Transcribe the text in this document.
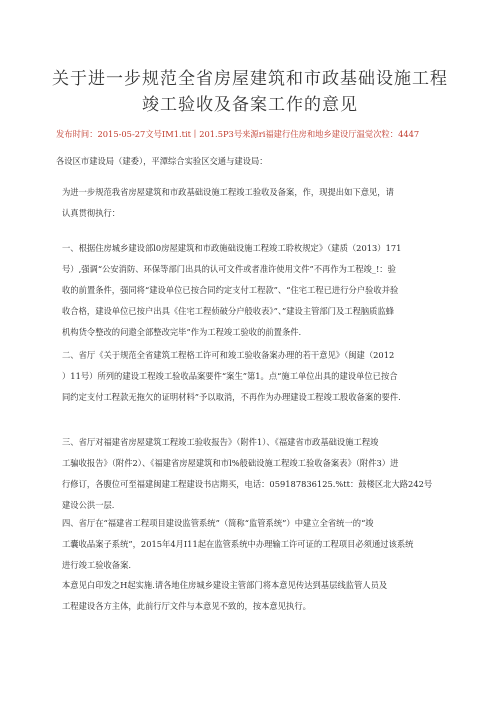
关于进一步规范全省房屋建筑和市政基础设施工程
竣工验收及备案工作的意见
发布时间：2015-05-27文号IM1.tit丨201.5P3号来源ri福建行住房和地乡建设厅温觉次粒：4447
各设区市建设局（建委），平潭综合实验区交通与建设局：
为进一步规范我省房屋建筑和市政基础设施工程竣工验收及备案，作，现提出如下意见，请
认真贯彻执行：
一、根据住房城乡建设部l0房屋建筑和市政施础设施工程竣工聆枚规定》（建质（2013）171
号）,强调“公安消防、环保等部门出具的认可文件或者准许使用文件”不再作为工程竣_!：验
收的前置条件，强同将“建设单位已按合同约定支付工程款”、“住宅工程已进行分户验收并验
收合格，建设单位已按户出具《住宅工程侦破分户般收表》”、”建设主管部门及工程脑质监蜂
机构货令整改的问遨全部整改完毕”作为工程竣工验收的前置条件.
二、省厅《关于规范全省建筑工程格工许可和竣工验收备案办理的若干意见》（闽建（2012
）11号）所列的建设工程竣工验收品案要件“案生”第1。点“施工单位出具的建设单位已按合
同约定支付工程款无拖欠的证明材料”予以取消，不再作为办理建设工程竣工股收备案的要件.
三、省厅对福建省房屋建筑工程竣工验收报告》（附件1）、《福建省市政基础设施工程竣
工骗收报告》（附件2）、《福建省房屋建筑和市l%般础设施工程竣工验收备案表》（附件3）进
行修订，各腹位可至福建闽建工程建设书店期买，电话：059187836125.%tt：鼓楼区北大路242号
建设公洪一层.
四、省厅在“福建省工程项目建设监管系统”（简称“监管系统”）中建立全省统一的“竣
工囊收品案子系统”，2015年4月I11起在监管系统中办理输工许可证的工程项目必须通过该系统
进行竣工验收备案.
本意见白印发之H起实施.请各地住房城乡建设主管部门将本意见传达到基层线监管人员及
工程建设各方主体，此前行厅文件与本意见不致的，按本意见执行。
